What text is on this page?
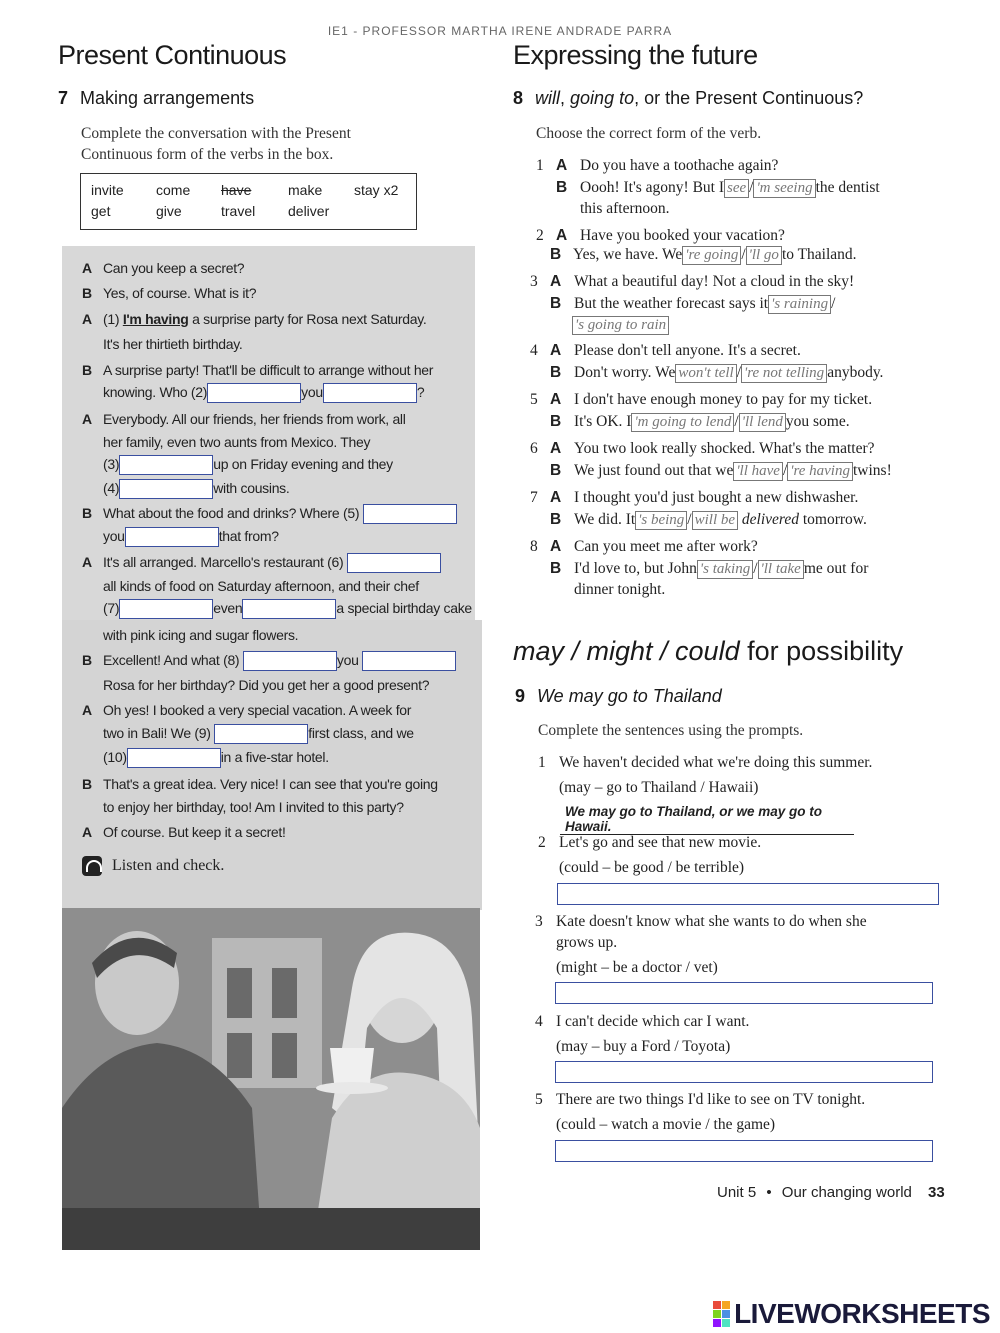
IE1 - PROFESSOR MARTHA IRENE ANDRADE PARRA
Present Continuous
7 Making arrangements
Complete the conversation with the Present
Continuous form of the verbs in the box.
invite come have	make stay x2
get	give	travel deliver
A Can you keep a secret?
B Yes, of course. What is it?
A (1) I'm having a surprise party for Rosa next Saturday.
It's her thirtieth birthday.
B A surprise party! That'll be difficult to arrange without her
knowing. Who (2)	you	?
A Everybody. All our friends, her friends from work, all
her family, even two aunts from Mexico. They
(3)	up on Friday evening and they
(4)	with cousins.
B What about the food and drinks? Where (5)
you	that from?
A It's all arranged. Marcello's restaurant (6)
all kinds of food on Saturday afternoon, and their chef
(7)	even	a special birthday cake
with pink icing and sugar flowers.
B Excellent! And what (8)	you
Rosa for her birthday? Did you get her a good present?
A Oh yes! I booked a very special vacation. A week for
two in Bali! We (9)	first class, and we
(10)	in a five-star hotel.
B That's a great idea. Very nice! I can see that you're going
to enjoy her birthday, too! Am I invited to this party?
A Of course. But keep it a secret!
Listen and check.
Expressing the future
8 will, going to, or the Present Continuous?
Choose the correct form of the verb.
1 A Do you have a toothache again?
B Oooh! It's agony! But I see / 'm seeing the dentist
this afternoon.
2 A Have you booked your vacation?
B Yes, we have. We 're going / 'll go to Thailand.
3 A What a beautiful day! Not a cloud in the sky!
B But the weather forecast says it 's raining /
's going to rain
4 A Please don't tell anyone. It's a secret.
B Don't worry. We won't tell / 're not telling anybody.
5 A I don't have enough money to pay for my ticket.
B It's OK. I 'm going to lend / 'll lend you some.
6 A You two look really shocked. What's the matter?
B We just found out that we 'll have / 're having twins!
7 A I thought you'd just bought a new dishwasher.
B We did. It 's being / will be delivered tomorrow.
8 A Can you meet me after work?
B I'd love to, but John 's taking / 'll take me out for
dinner tonight.
may / might / could for possibility
9 We may go to Thailand
Complete the sentences using the prompts.
1 We haven't decided what we're doing this summer.
(may – go to Thailand / Hawaii)
We may go to Thailand, or we may go to Hawaii.
2 Let's go and see that new movie.
(could – be good / be terrible)
3 Kate doesn't know what she wants to do when she
grows up.
(might – be a doctor / vet)
4 I can't decide which car I want.
(may – buy a Ford / Toyota)
5 There are two things I'd like to see on TV tonight.
(could – watch a movie / the game)
Unit 5 • Our changing world 33
LIVEWORKSHEETS
